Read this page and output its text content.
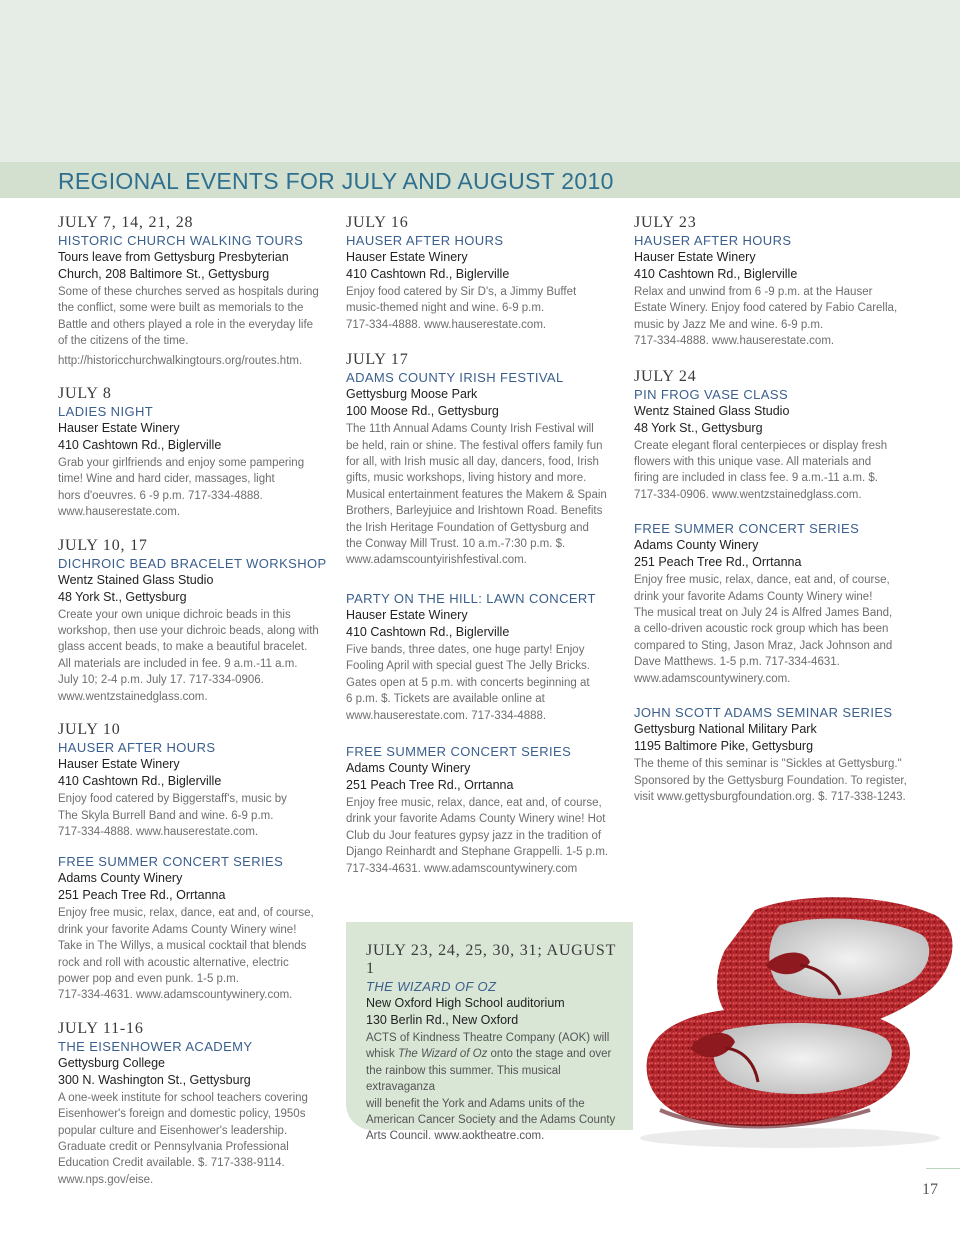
REGIONAL EVENTS FOR JULY AND AUGUST 2010
JULY 7, 14, 21, 28
HISTORIC CHURCH WALKING TOURS
Tours leave from Gettysburg Presbyterian
Church, 208 Baltimore St., Gettysburg
Some of these churches served as hospitals during
the conflict, some were built as memorials to the
Battle and others played a role in the everyday life
of the citizens of the time.
http://historicchurchwalkingtours.org/routes.htm.
JULY 8
LADIES NIGHT
Hauser Estate Winery
410 Cashtown Rd., Biglerville
Grab your girlfriends and enjoy some pampering
time! Wine and hard cider, massages, light
hors d'oeuvres. 6 -9 p.m. 717-334-4888.
www.hauserestate.com.
JULY 10, 17
DICHROIC BEAD BRACELET WORKSHOP
Wentz Stained Glass Studio
48 York St., Gettysburg
Create your own unique dichroic beads in this
workshop, then use your dichroic beads, along with
glass accent beads, to make a beautiful bracelet.
All materials are included in fee. 9 a.m.-11 a.m.
July 10; 2-4 p.m. July 17. 717-334-0906.
www.wentzstainedglass.com.
JULY 10
HAUSER AFTER HOURS
Hauser Estate Winery
410 Cashtown Rd., Biglerville
Enjoy food catered by Biggerstaff's, music by
The Skyla Burrell Band and wine. 6-9 p.m.
717-334-4888. www.hauserestate.com.
FREE SUMMER CONCERT SERIES
Adams County Winery
251 Peach Tree Rd., Orrtanna
Enjoy free music, relax, dance, eat and, of course,
drink your favorite Adams County Winery wine!
Take in The Willys, a musical cocktail that blends
rock and roll with acoustic alternative, electric
power pop and even punk. 1-5 p.m.
717-334-4631. www.adamscountywinery.com.
JULY 11-16
THE EISENHOWER ACADEMY
Gettysburg College
300 N. Washington St., Gettysburg
A one-week institute for school teachers covering
Eisenhower's foreign and domestic policy, 1950s
popular culture and Eisenhower's leadership.
Graduate credit or Pennsylvania Professional
Education Credit available. $. 717-338-9114.
www.nps.gov/eise.
JULY 16
HAUSER AFTER HOURS
Hauser Estate Winery
410 Cashtown Rd., Biglerville
Enjoy food catered by Sir D's, a Jimmy Buffet
music-themed night and wine. 6-9 p.m.
717-334-4888. www.hauserestate.com.
JULY 17
ADAMS COUNTY IRISH FESTIVAL
Gettysburg Moose Park
100 Moose Rd., Gettysburg
The 11th Annual Adams County Irish Festival will
be held, rain or shine. The festival offers family fun
for all, with Irish music all day, dancers, food, Irish
gifts, music workshops, living history and more.
Musical entertainment features the Makem & Spain
Brothers, Barleyjuice and Irishtown Road. Benefits
the Irish Heritage Foundation of Gettysburg and
the Conway Mill Trust. 10 a.m.-7:30 p.m. $.
www.adamscountyirishfestival.com.
PARTY ON THE HILL: LAWN CONCERT
Hauser Estate Winery
410 Cashtown Rd., Biglerville
Five bands, three dates, one huge party! Enjoy
Fooling April with special guest The Jelly Bricks.
Gates open at 5 p.m. with concerts beginning at
6 p.m. $. Tickets are available online at
www.hauserestate.com. 717-334-4888.
FREE SUMMER CONCERT SERIES
Adams County Winery
251 Peach Tree Rd., Orrtanna
Enjoy free music, relax, dance, eat and, of course,
drink your favorite Adams County Winery wine! Hot
Club du Jour features gypsy jazz in the tradition of
Django Reinhardt and Stephane Grappelli. 1-5 p.m.
717-334-4631. www.adamscountywinery.com
JULY 23
HAUSER AFTER HOURS
Hauser Estate Winery
410 Cashtown Rd., Biglerville
Relax and unwind from 6 -9 p.m. at the Hauser
Estate Winery. Enjoy food catered by Fabio Carella,
music by Jazz Me and wine. 6-9 p.m.
717-334-4888. www.hauserestate.com.
JULY 24
PIN FROG VASE CLASS
Wentz Stained Glass Studio
48 York St., Gettysburg
Create elegant floral centerpieces or display fresh
flowers with this unique vase. All materials and
firing are included in class fee. 9 a.m.-11 a.m. $.
717-334-0906. www.wentzstainedglass.com.
FREE SUMMER CONCERT SERIES
Adams County Winery
251 Peach Tree Rd., Orrtanna
Enjoy free music, relax, dance, eat and, of course,
drink your favorite Adams County Winery wine!
The musical treat on July 24 is Alfred James Band,
a cello-driven acoustic rock group which has been
compared to Sting, Jason Mraz, Jack Johnson and
Dave Matthews. 1-5 p.m. 717-334-4631.
www.adamscountywinery.com.
JOHN SCOTT ADAMS SEMINAR SERIES
Gettysburg National Military Park
1195 Baltimore Pike, Gettysburg
The theme of this seminar is "Sickles at Gettysburg."
Sponsored by the Gettysburg Foundation. To register,
visit www.gettysburgfoundation.org. $. 717-338-1243.
JULY 23, 24, 25, 30, 31; AUGUST 1
THE WIZARD OF OZ
New Oxford High School auditorium
130 Berlin Rd., New Oxford
ACTS of Kindness Theatre Company (AOK) will
whisk The Wizard of Oz onto the stage and over
the rainbow this summer. This musical extravaganza
will benefit the York and Adams units of the
American Cancer Society and the Adams County
Arts Council. www.aoktheatre.com.
17
